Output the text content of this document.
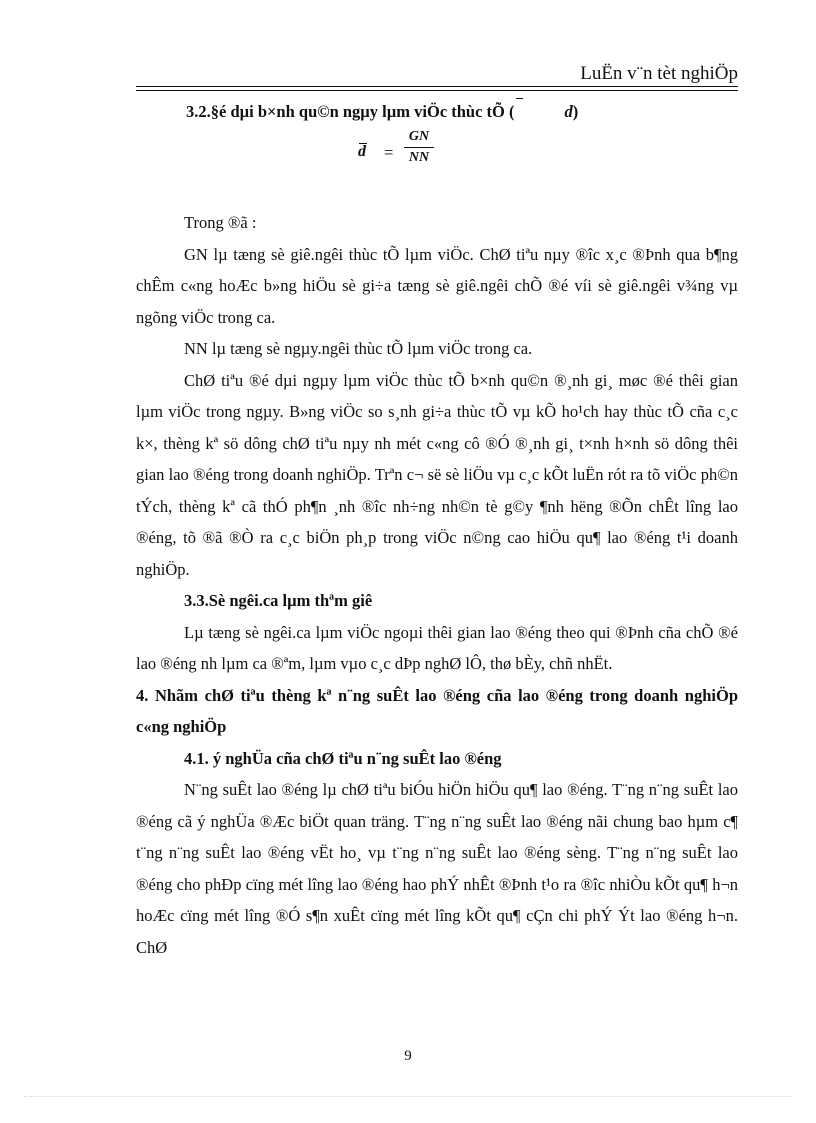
LuËn v¨n tèt nghiÖp

3.2.§é dµi b×nh qu©n ngµy lµm viÖc thùc tÕ (	d)

$d = \frac{GN}{NN}$

Trong ®ã :

GN lµ tæng sè giê.ngêi thùc tÕ lµm viÖc. ChØ tiªu nµy ®îc x¸c ®Þnh qua b¶ng chÊm c«ng hoÆc b»ng hiÖu sè gi÷a tæng sè giê.ngêi chÕ ®é víi sè giê.ngêi v¾ng vµ ngõng viÖc trong ca.

NN lµ tæng sè ngµy.ngêi thùc tÕ lµm viÖc trong ca.

ChØ tiªu ®é dµi ngµy lµm viÖc thùc tÕ b×nh qu©n ®¸nh gi¸ møc ®é thêi gian lµm viÖc trong ngµy. B»ng viÖc so s¸nh gi÷a thùc tÕ vµ kÕ ho¹ch hay thùc tÕ cña c¸c k×, thèng kª sö dông chØ tiªu nµy nh mét c«ng cô ®Ó ®¸nh gi¸ t×nh h×nh sö dông thêi gian lao ®éng trong doanh nghiÖp. Trªn c¬ së sè liÖu vµ c¸c kÕt luËn rót ra tõ viÖc ph©n tÝch, thèng kª cã thÓ ph¶n ¸nh ®îc nh÷ng nh©n tè g©y ¶nh hëng ®Õn chÊt lîng lao ®éng, tõ ®ã ®Ò ra c¸c biÖn ph¸p trong viÖc n©ng cao hiÖu qu¶ lao ®éng t¹i doanh nghiÖp.

3.3.Sè ngêi.ca lµm thªm giê

Lµ tæng sè ngêi.ca lµm viÖc ngoµi thêi gian lao ®éng theo qui ®Þnh cña chÕ ®é lao ®éng nh lµm ca ®ªm, lµm vµo c¸c dÞp nghØ lÔ, thø bÈy, chñ nhËt.

4. Nhãm chØ tiªu thèng kª n¨ng suÊt lao ®éng cña lao ®éng trong doanh nghiÖp c«ng nghiÖp

4.1. ý nghÜa cña chØ tiªu n¨ng suÊt lao ®éng

N¨ng suÊt lao ®éng lµ chØ tiªu biÓu hiÖn hiÖu qu¶ lao ®éng. T¨ng n¨ng suÊt lao ®éng cã ý nghÜa ®Æc biÖt quan träng. T¨ng n¨ng suÊt lao ®éng nãi chung bao hµm c¶ t¨ng n¨ng suÊt lao ®éng vËt ho¸ vµ t¨ng n¨ng suÊt lao ®éng sèng. T¨ng n¨ng suÊt lao ®éng cho phÐp cïng mét lîng lao ®éng hao phÝ nhÊt ®Þnh t¹o ra ®îc nhiÒu kÕt qu¶ h¬n hoÆc cïng mét lîng ®Ó s¶n xuÊt cïng mét lîng kÕt qu¶ cÇn chi phÝ Ýt lao ®éng h¬n. ChØ

9
